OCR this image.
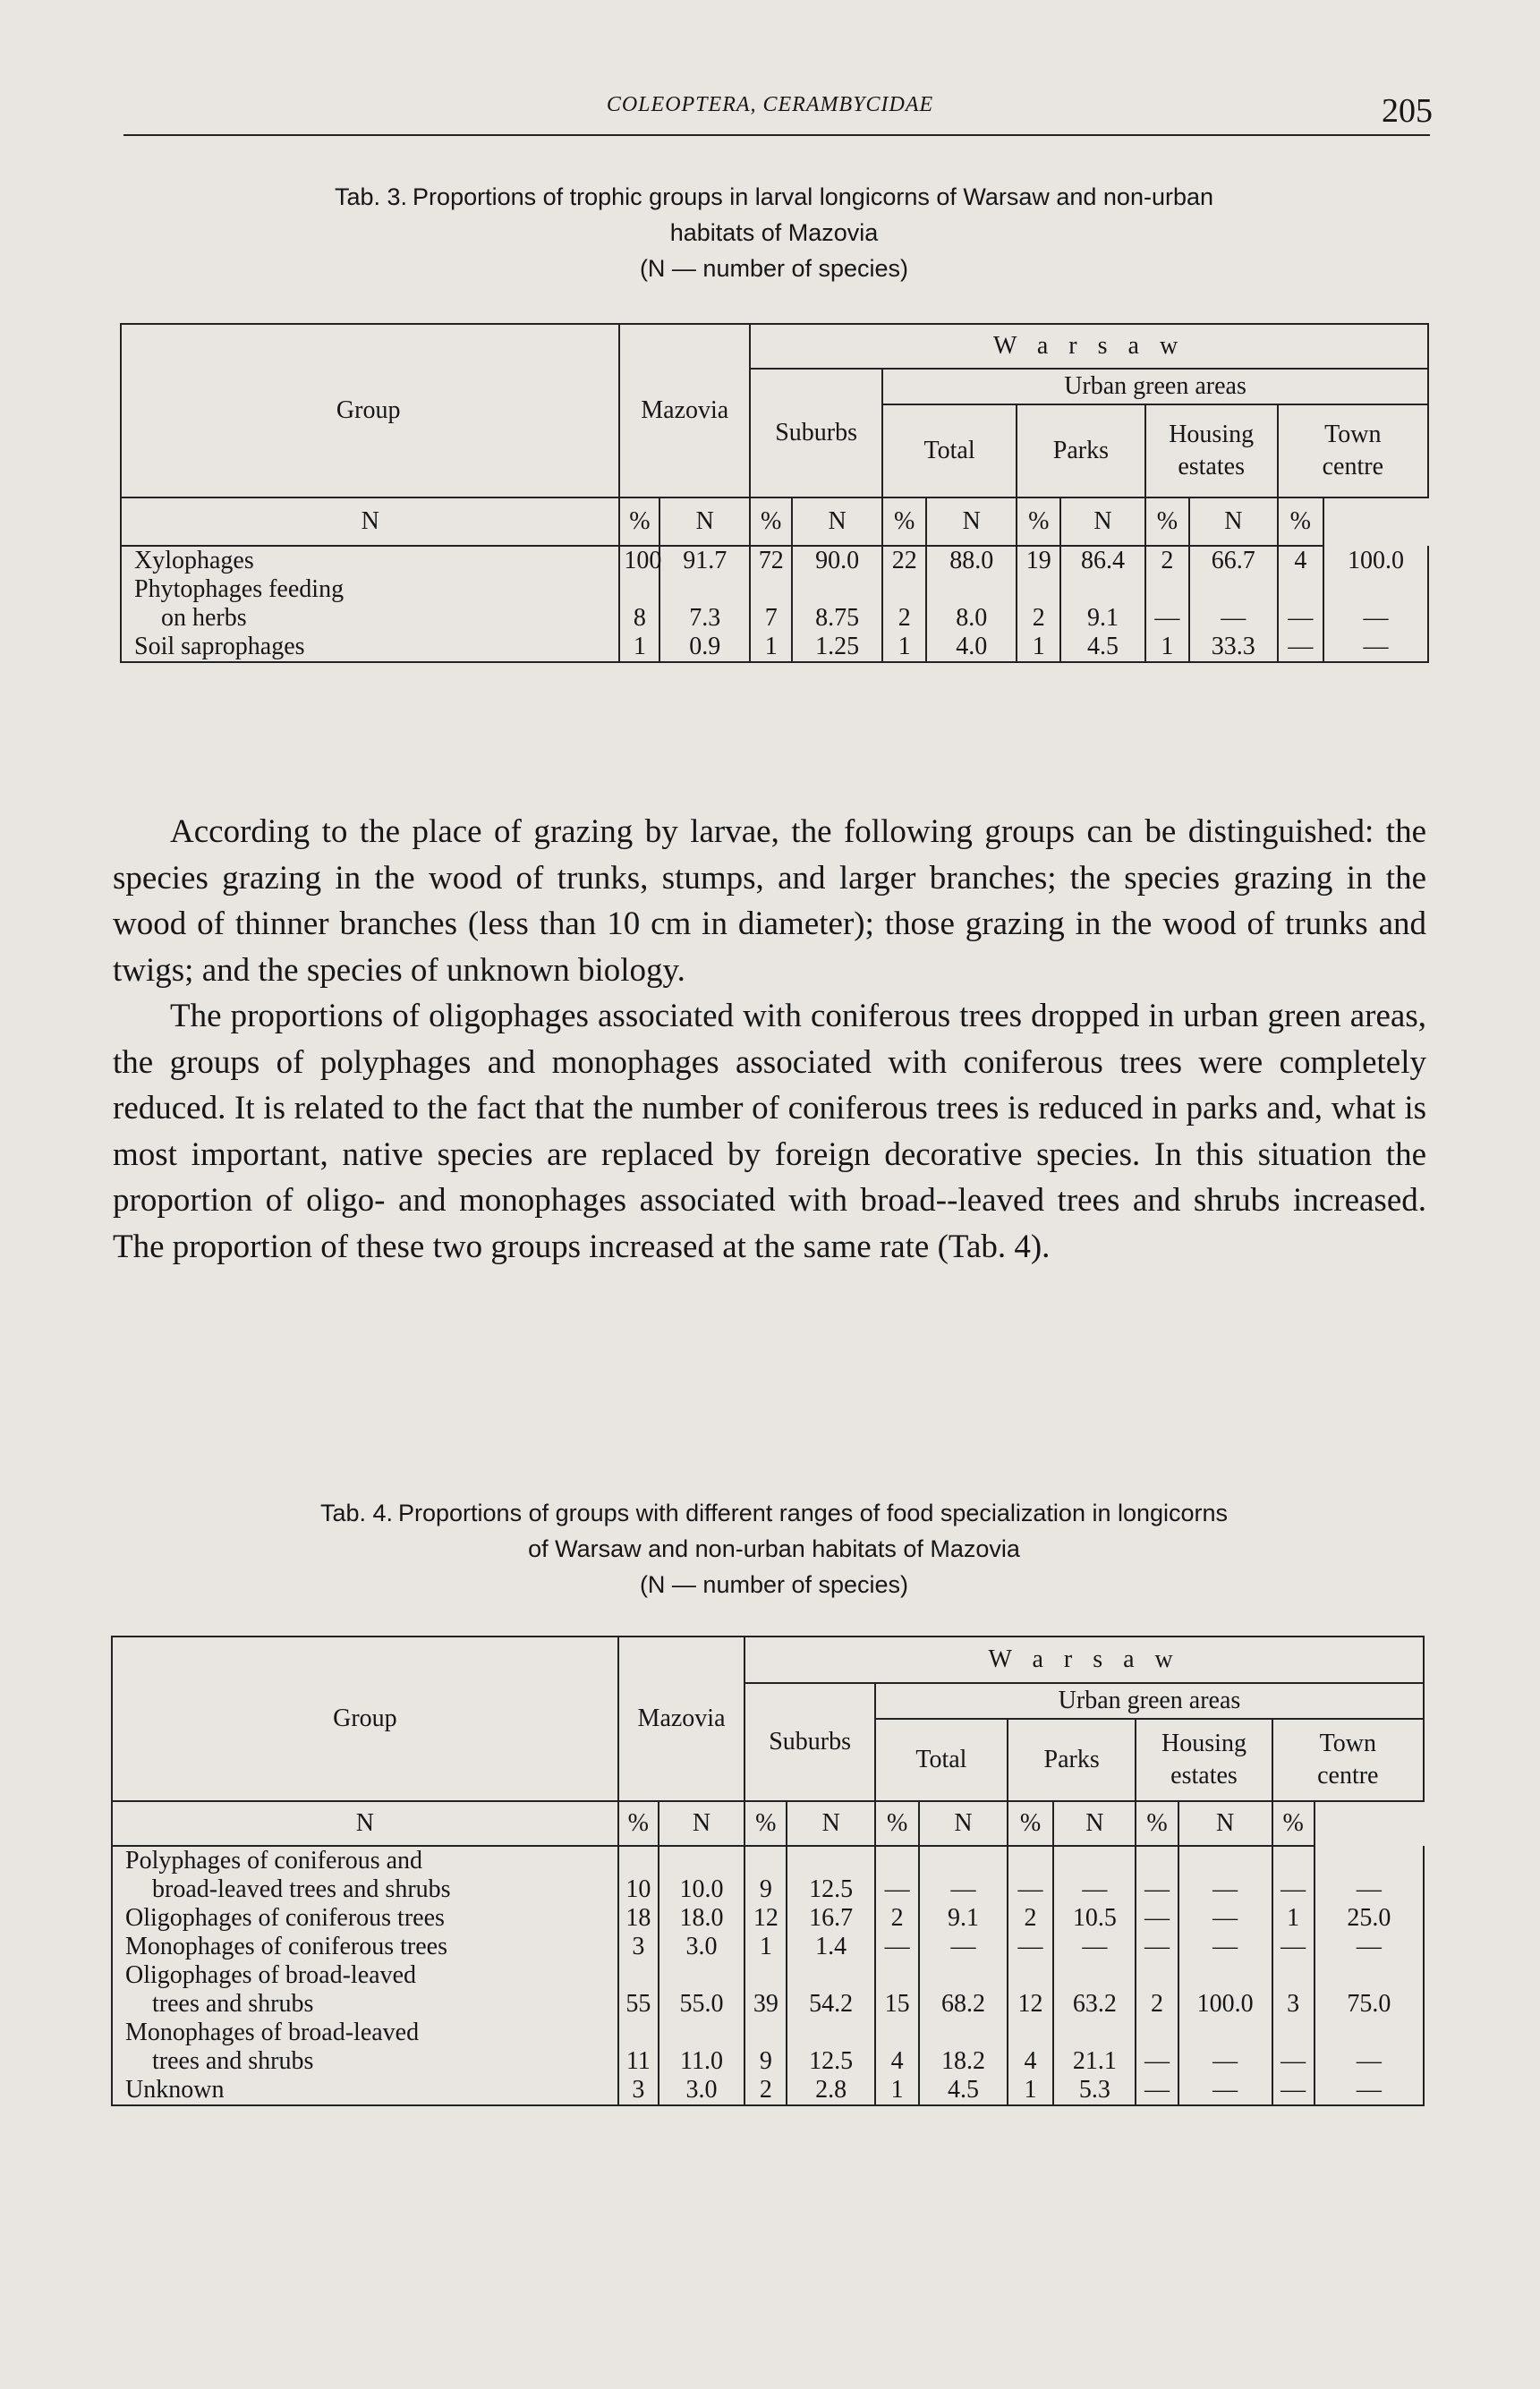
COLEOPTERA, CERAMBYCIDAE	205
Tab. 3. Proportions of trophic groups in larval longicorns of Warsaw and non-urban
habitats of Mazovia
(N — number of species)
Group	Mazovia		W a r s a w									
			Suburbs		Urban green areas							
					Total		Parks		Housing
estates		Town
centre	

N	%	N	%	N	%	N	%	N	%	N	%	
Xylophages	100	91.7	72	90.0	22	88.0	19	86.4	2	66.7	4	100.0
Phytophages feeding												
on herbs	8	7.3	7	8.75	2	8.0	2	9.1	—	—	—	—
Soil saprophages	1	0.9	1	1.25	1	4.0	1	4.5	1	33.3	—	—

According to the place of grazing by larvae, the following groups can be distinguished: the species grazing in the wood of trunks, stumps, and larger branches; the species grazing in the wood of thinner branches (less than 10 cm in diameter); those grazing in the wood of trunks and twigs; and the species of unknown biology.

The proportions of oligophages associated with coniferous trees dropped in urban green areas, the groups of polyphages and monophages associated with coniferous trees were completely reduced. It is related to the fact that the number of coniferous trees is reduced in parks and, what is most important, native species are replaced by foreign decorative species. In this situation the proportion of oligo- and monophages associated with broad--leaved trees and shrubs increased. The proportion of these two groups increased at the same rate (Tab. 4).

Tab. 4. Proportions of groups with different ranges of food specialization in longicorns
of Warsaw and non-urban habitats of Mazovia
(N — number of species)
Group	Mazovia		W a r s a w									
			Suburbs		Urban green areas							
					Total		Parks		Housing
estates		Town
centre	

N	%	N	%	N	%	N	%	N	%	N	%	
Polyphages of coniferous and												
broad-leaved trees and shrubs	10	10.0	9	12.5	—	—	—	—	—	—	—	—
Oligophages of coniferous trees	18	18.0	12	16.7	2	9.1	2	10.5	—	—	1	25.0
Monophages of coniferous trees	3	3.0	1	1.4	—	—	—	—	—	—	—	—
Oligophages of broad-leaved												
trees and shrubs	55	55.0	39	54.2	15	68.2	12	63.2	2	100.0	3	75.0
Monophages of broad-leaved												
trees and shrubs	11	11.0	9	12.5	4	18.2	4	21.1	—	—	—	—
Unknown	3	3.0	2	2.8	1	4.5	1	5.3	—	—	—	—
